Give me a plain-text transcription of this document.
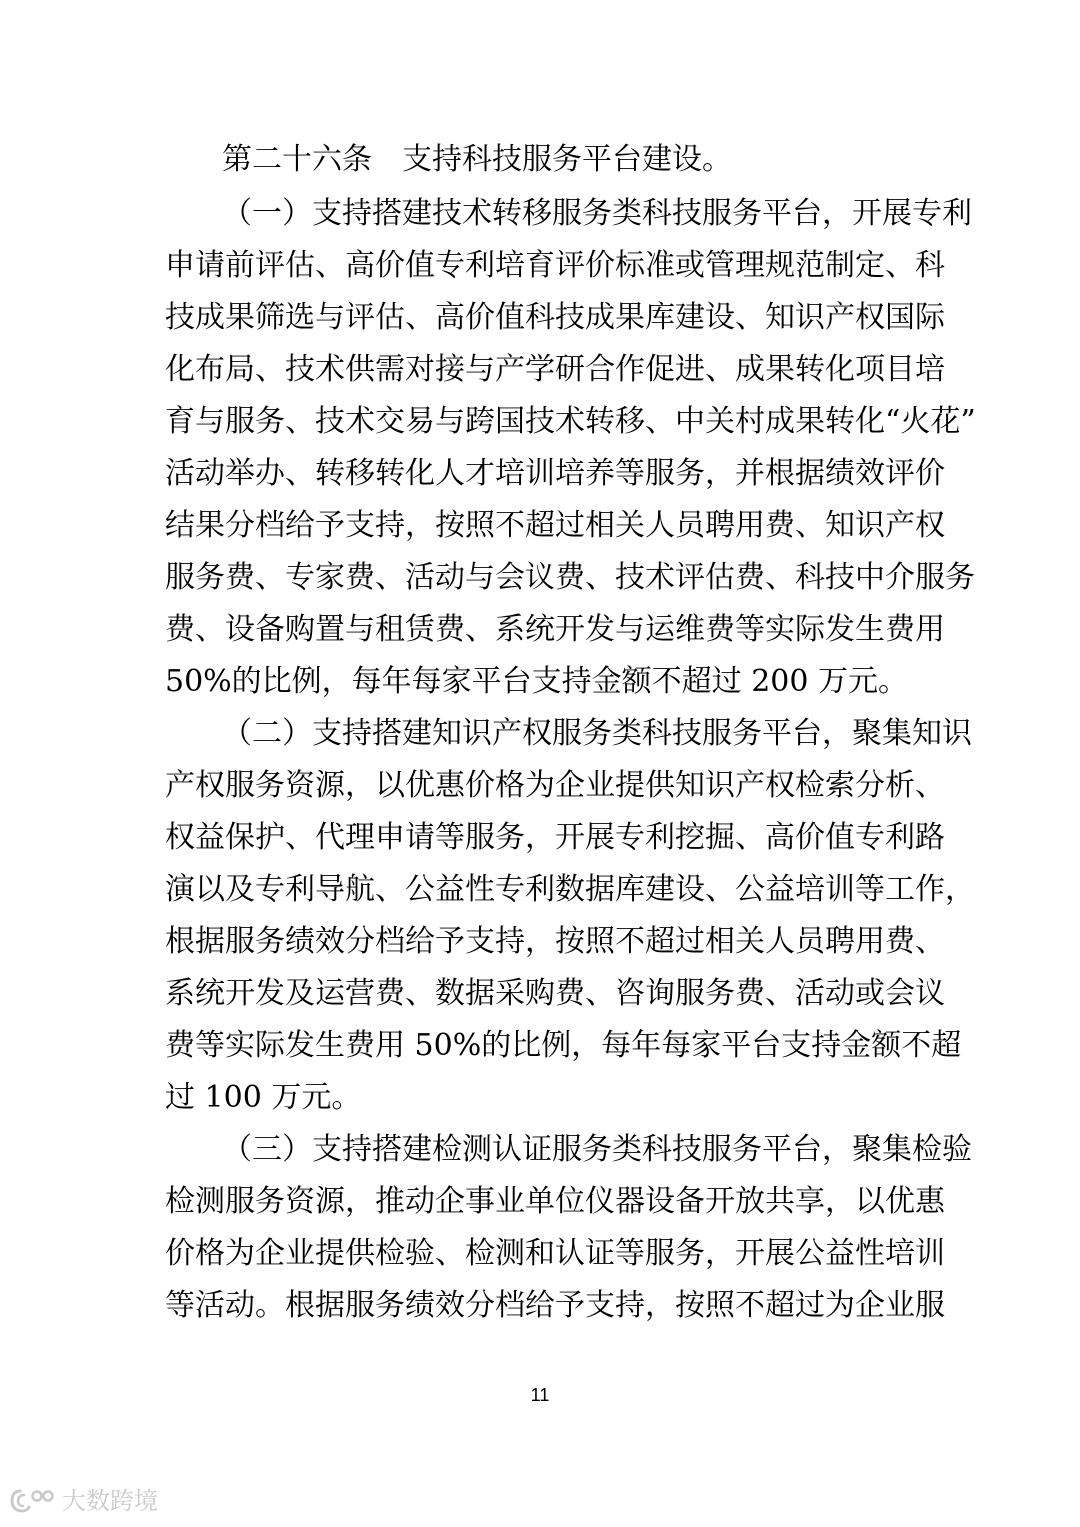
第二十六条　支持科技服务平台建设。
（一）支持搭建技术转移服务类科技服务平台，开展专利
申请前评估、高价值专利培育评价标准或管理规范制定、科
技成果筛选与评估、高价值科技成果库建设、知识产权国际
化布局、技术供需对接与产学研合作促进、成果转化项目培
育与服务、技术交易与跨国技术转移、中关村成果转化“火花”
活动举办、转移转化人才培训培养等服务，并根据绩效评价
结果分档给予支持，按照不超过相关人员聘用费、知识产权
服务费、专家费、活动与会议费、技术评估费、科技中介服务
费、设备购置与租赁费、系统开发与运维费等实际发生费用
50%的比例，每年每家平台支持金额不超过 200 万元。
（二）支持搭建知识产权服务类科技服务平台，聚集知识
产权服务资源，以优惠价格为企业提供知识产权检索分析、
权益保护、代理申请等服务，开展专利挖掘、高价值专利路
演以及专利导航、公益性专利数据库建设、公益培训等工作，
根据服务绩效分档给予支持，按照不超过相关人员聘用费、
系统开发及运营费、数据采购费、咨询服务费、活动或会议
费等实际发生费用 50%的比例，每年每家平台支持金额不超
过 100 万元。
（三）支持搭建检测认证服务类科技服务平台，聚集检验
检测服务资源，推动企事业单位仪器设备开放共享，以优惠
价格为企业提供检验、检测和认证等服务，开展公益性培训
等活动。根据服务绩效分档给予支持，按照不超过为企业服
11
大数跨境
